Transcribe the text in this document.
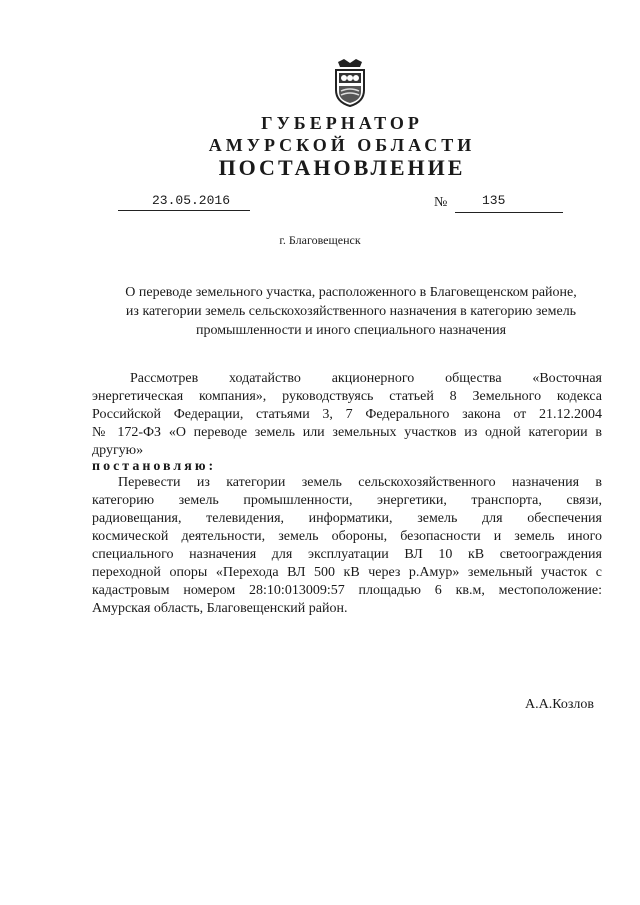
ГУБЕРНАТОР
АМУРСКОЙ ОБЛАСТИ
ПОСТАНОВЛЕНИЕ
23.05.2016	№	135
г. Благовещенск
О переводе земельного участка, расположенного в Благовещенском районе,
из категории земель сельскохозяйственного назначения в категорию земель
промышленности и иного специального назначения
Рассмотрев ходатайство акционерного общества «Восточная
энергетическая компания», руководствуясь статьей 8 Земельного кодекса
Российской Федерации, статьями 3, 7 Федерального закона от 21.12.2004
№ 172-ФЗ «О переводе земель или земельных участков из одной категории в
другую»
постановляю:
Перевести из категории земель сельскохозяйственного назначения в
категорию земель промышленности, энергетики, транспорта, связи,
радиовещания, телевидения, информатики, земель для обеспечения
космической деятельности, земель обороны, безопасности и земель иного
специального назначения для эксплуатации ВЛ 10 кВ светоограждения
переходной опоры «Перехода ВЛ 500 кВ через р.Амур» земельный участок с
кадастровым номером 28:10:013009:57 площадью 6 кв.м, местоположение:
Амурская область, Благовещенский район.
А.А.Козлов
